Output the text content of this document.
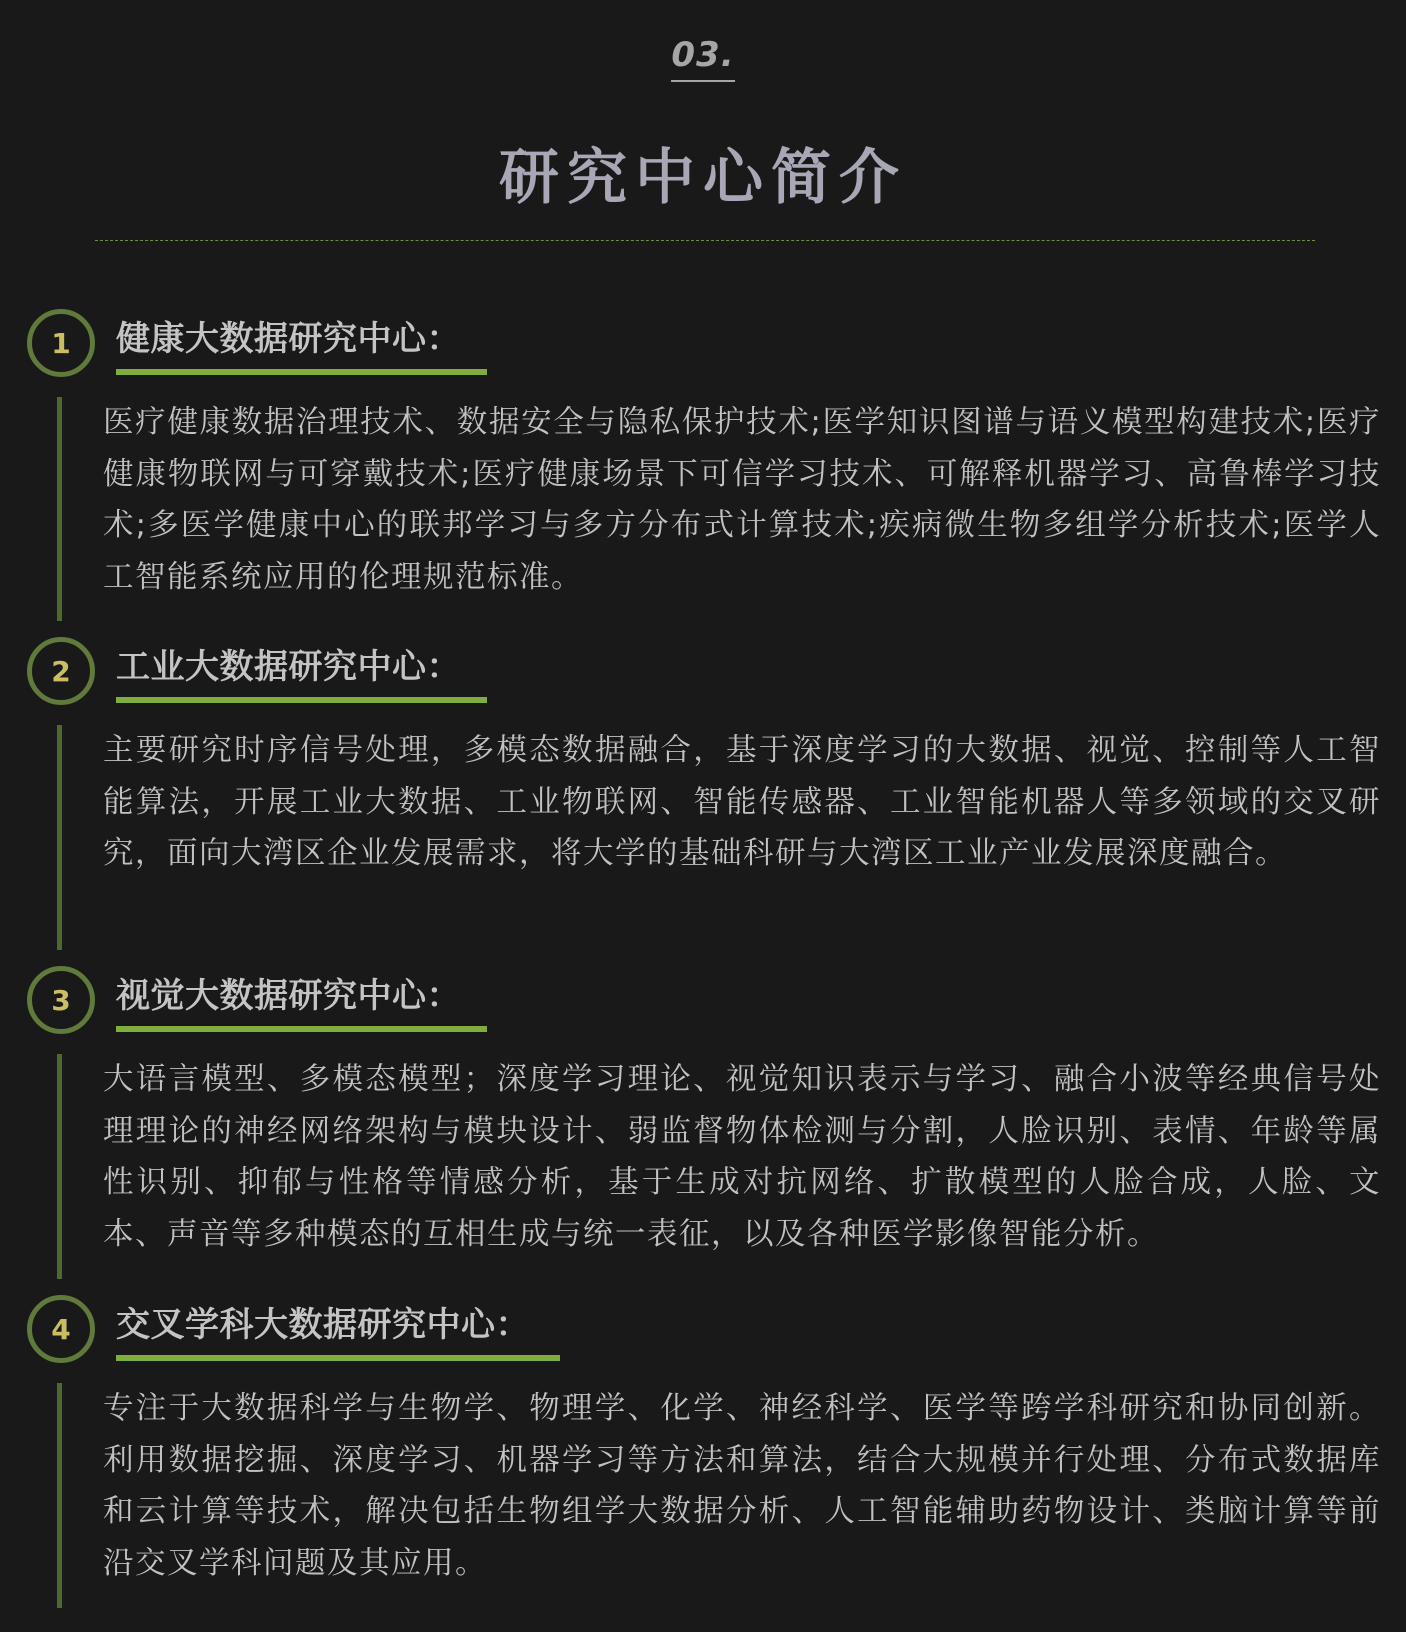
03.
研究中心简介
1	健康大数据研究中心：
医疗健康数据治理技术、数据安全与隐私保护技术;医学知识图谱与语义模型构建技术;医疗健康物联网与可穿戴技术;医疗健康场景下可信学习技术、可解释机器学习、高鲁棒学习技术;多医学健康中心的联邦学习与多方分布式计算技术;疾病微生物多组学分析技术;医学人工智能系统应用的伦理规范标准。
2	工业大数据研究中心：
主要研究时序信号处理，多模态数据融合，基于深度学习的大数据、视觉、控制等人工智能算法，开展工业大数据、工业物联网、智能传感器、工业智能机器人等多领域的交叉研究，面向大湾区企业发展需求，将大学的基础科研与大湾区工业产业发展深度融合。
3	视觉大数据研究中心：
大语言模型、多模态模型；深度学习理论、视觉知识表示与学习、融合小波等经典信号处理理论的神经网络架构与模块设计、弱监督物体检测与分割，人脸识别、表情、年龄等属性识别、抑郁与性格等情感分析，基于生成对抗网络、扩散模型的人脸合成，人脸、文本、声音等多种模态的互相生成与统一表征，以及各种医学影像智能分析。
4	交叉学科大数据研究中心：
专注于大数据科学与生物学、物理学、化学、神经科学、医学等跨学科研究和协同创新。利用数据挖掘、深度学习、机器学习等方法和算法，结合大规模并行处理、分布式数据库和云计算等技术，解决包括生物组学大数据分析、人工智能辅助药物设计、类脑计算等前沿交叉学科问题及其应用。
